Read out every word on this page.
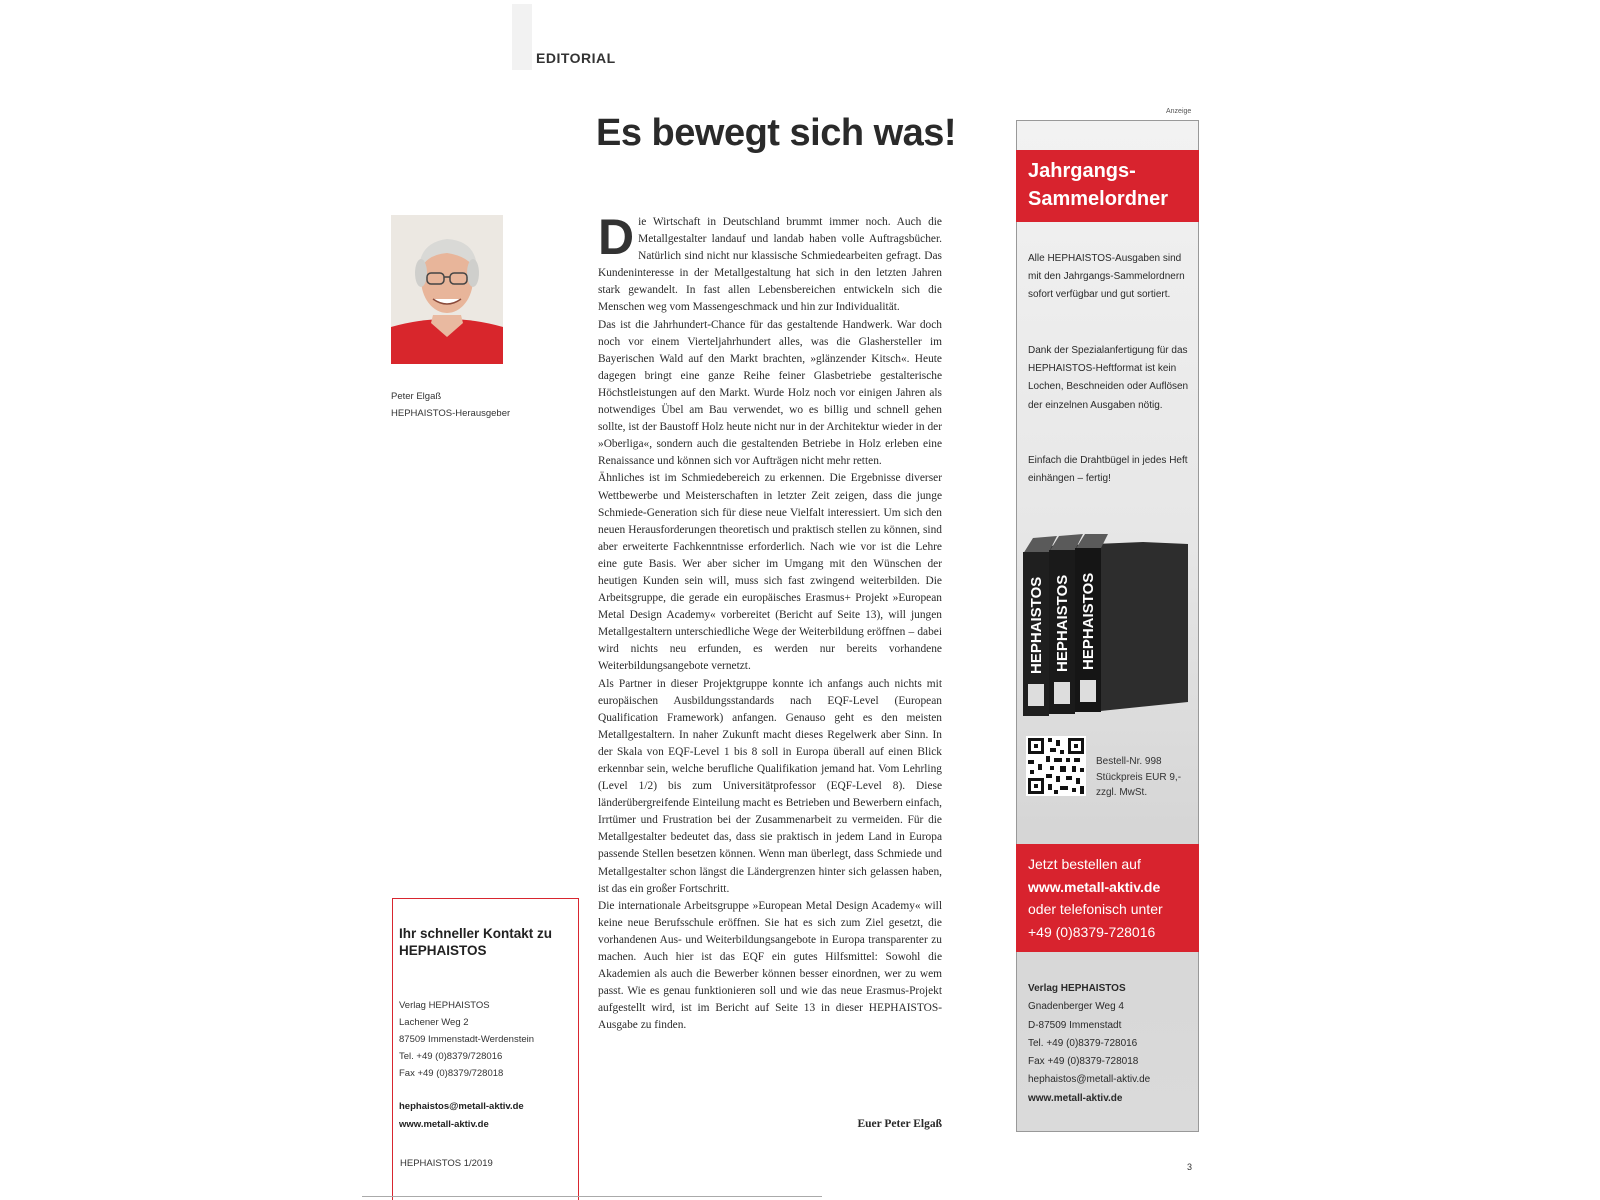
EDITORIAL
Es bewegt sich was!
Peter Elgaß
HEPHAISTOS-Herausgeber

Die Wirtschaft in Deutschland brummt immer noch. Auch die Metallgestalter landauf und landab haben volle Auftragsbücher. Natürlich sind nicht nur klassische Schmiedearbeiten gefragt. Das Kundeninteresse in der Metallgestaltung hat sich in den letzten Jahren stark gewandelt. In fast allen Lebensbereichen entwickeln sich die Menschen weg vom Massengeschmack und hin zur Individualität.

Das ist die Jahrhundert-Chance für das gestaltende Handwerk. War doch noch vor einem Vierteljahrhundert alles, was die Glashersteller im Bayerischen Wald auf den Markt brachten, »glänzender Kitsch«. Heute dagegen bringt eine ganze Reihe feiner Glasbetriebe gestalterische Höchstleistungen auf den Markt. Wurde Holz noch vor einigen Jahren als notwendiges Übel am Bau verwendet, wo es billig und schnell gehen sollte, ist der Baustoff Holz heute nicht nur in der Architektur wieder in der »Oberliga«, sondern auch die gestaltenden Betriebe in Holz erleben eine Renaissance und können sich vor Aufträgen nicht mehr retten.

Ähnliches ist im Schmiedebereich zu erkennen. Die Ergebnisse diverser Wettbewerbe und Meisterschaften in letzter Zeit zeigen, dass die junge Schmiede-Generation sich für diese neue Vielfalt interessiert. Um sich den neuen Herausforderungen theoretisch und praktisch stellen zu können, sind aber erweiterte Fachkenntnisse erforderlich. Nach wie vor ist die Lehre eine gute Basis. Wer aber sicher im Umgang mit den Wünschen der heutigen Kunden sein will, muss sich fast zwingend weiterbilden. Die Arbeitsgruppe, die gerade ein europäisches Erasmus+ Projekt »European Metal Design Academy« vorbereitet (Bericht auf Seite 13), will jungen Metallgestaltern unterschiedliche Wege der Weiterbildung eröffnen – dabei wird nichts neu erfunden, es werden nur bereits vorhandene Weiterbildungsangebote vernetzt.

Als Partner in dieser Projektgruppe konnte ich anfangs auch nichts mit europäischen Ausbildungsstandards nach EQF-Level (European Qualification Framework) anfangen. Genauso geht es den meisten Metallgestaltern. In naher Zukunft macht dieses Regelwerk aber Sinn. In der Skala von EQF-Level 1 bis 8 soll in Europa überall auf einen Blick erkennbar sein, welche berufliche Qualifikation jemand hat. Vom Lehrling (Level 1/2) bis zum Universitätprofessor (EQF-Level 8). Diese länderübergreifende Einteilung macht es Betrieben und Bewerbern einfach, Irrtümer und Frustration bei der Zusammenarbeit zu vermeiden. Für die Metallgestalter bedeutet das, dass sie praktisch in jedem Land in Europa passende Stellen besetzen können. Wenn man überlegt, dass Schmiede und Metallgestalter schon längst die Ländergrenzen hinter sich gelassen haben, ist das ein großer Fortschritt.

Die internationale Arbeitsgruppe »European Metal Design Academy« will keine neue Berufsschule eröffnen. Sie hat es sich zum Ziel gesetzt, die vorhandenen Aus- und Weiterbildungsangebote in Europa transparenter zu machen. Auch hier ist das EQF ein gutes Hilfsmittel: Sowohl die Akademien als auch die Bewerber können besser einordnen, wer zu wem passt. Wie es genau funktionieren soll und wie das neue Erasmus-Projekt aufgestellt wird, ist im Bericht auf Seite 13 in dieser HEPHAISTOS-Ausgabe zu finden.

Euer Peter Elgaß
Ihr schneller Kontakt zu HEPHAISTOS
Verlag HEPHAISTOS
Lachener Weg 2
87509 Immenstadt-Werdenstein
Tel. +49 (0)8379/728016
Fax +49 (0)8379/728018
hephaistos@metall-aktiv.de
www.metall-aktiv.de
HEPHAISTOS 1/2019
Anzeige
Jahrgangs-
Sammelordner
Alle HEPHAISTOS-Ausgaben sind mit den Jahrgangs-Sammelordnern sofort verfügbar und gut sortiert.
Dank der Spezialanfertigung für das HEPHAISTOS-Heftformat ist kein Lochen, Beschneiden oder Auflösen der einzelnen Ausgaben nötig.
Einfach die Drahtbügel in jedes Heft einhängen – fertig!
HEPHAISTOS HEPHAISTOS HEPHAISTOS
Bestell-Nr. 998
Stückpreis EUR 9,-
zzgl. MwSt.
Jetzt bestellen auf
www.metall-aktiv.de
oder telefonisch unter
+49 (0)8379-728016
Verlag HEPHAISTOS
Gnadenberger Weg 4
D-87509 Immenstadt
Tel. +49 (0)8379-728016
Fax +49 (0)8379-728018
hephaistos@metall-aktiv.de
www.metall-aktiv.de
3
